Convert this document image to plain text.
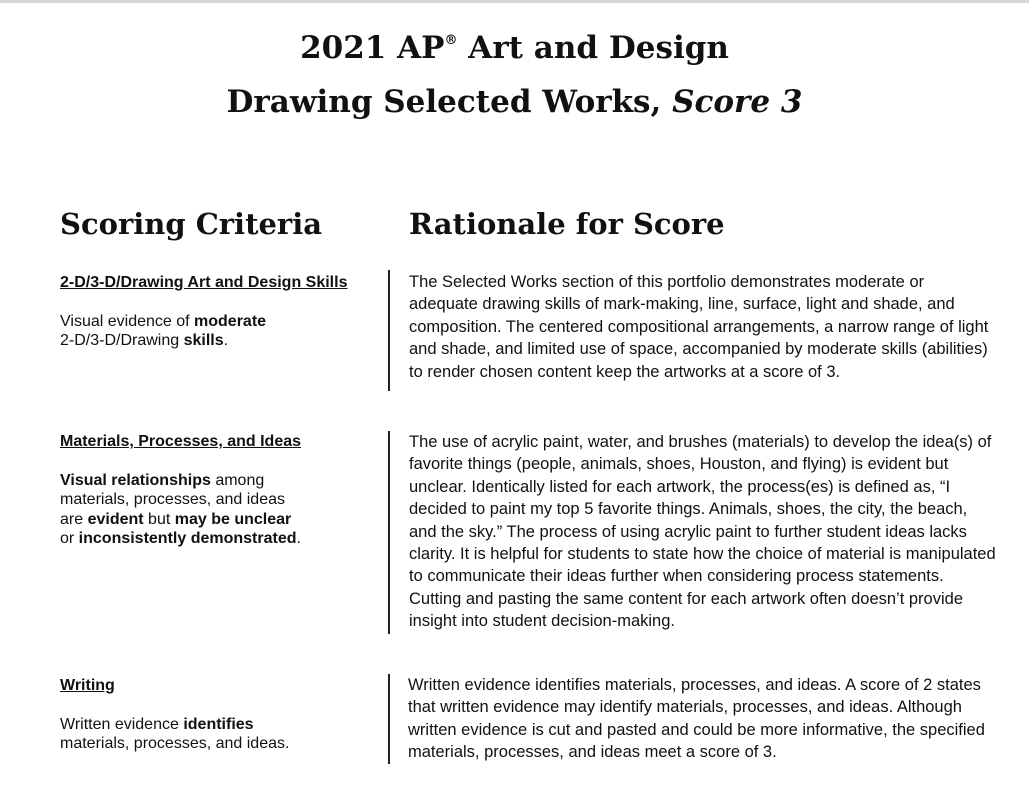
2021 AP® Art and Design
Drawing Selected Works, Score 3
Scoring Criteria	Rationale for Score
2-D/3-D/Drawing Art and Design Skills
Visual evidence of moderate
2-D/3-D/Drawing skills.
The Selected Works section of this portfolio demonstrates moderate or adequate drawing skills of mark-making, line, surface, light and shade, and composition. The centered compositional arrangements, a narrow range of light and shade, and limited use of space, accompanied by moderate skills (abilities) to render chosen content keep the artworks at a score of 3.
Materials, Processes, and Ideas
Visual relationships among
materials, processes, and ideas
are evident but may be unclear
or inconsistently demonstrated.
The use of acrylic paint, water, and brushes (materials) to develop the idea(s) of favorite things (people, animals, shoes, Houston, and flying) is evident but unclear. Identically listed for each artwork, the process(es) is defined as, “I decided to paint my top 5 favorite things. Animals, shoes, the city, the beach, and the sky.” The process of using acrylic paint to further student ideas lacks clarity. It is helpful for students to state how the choice of material is manipulated to communicate their ideas further when considering process statements. Cutting and pasting the same content for each artwork often doesn’t provide insight into student decision-making.
Writing
Written evidence identifies
materials, processes, and ideas.
Written evidence identifies materials, processes, and ideas. A score of 2 states that written evidence may identify materials, processes, and ideas. Although written evidence is cut and pasted and could be more informative, the specified materials, processes, and ideas meet a score of 3.
